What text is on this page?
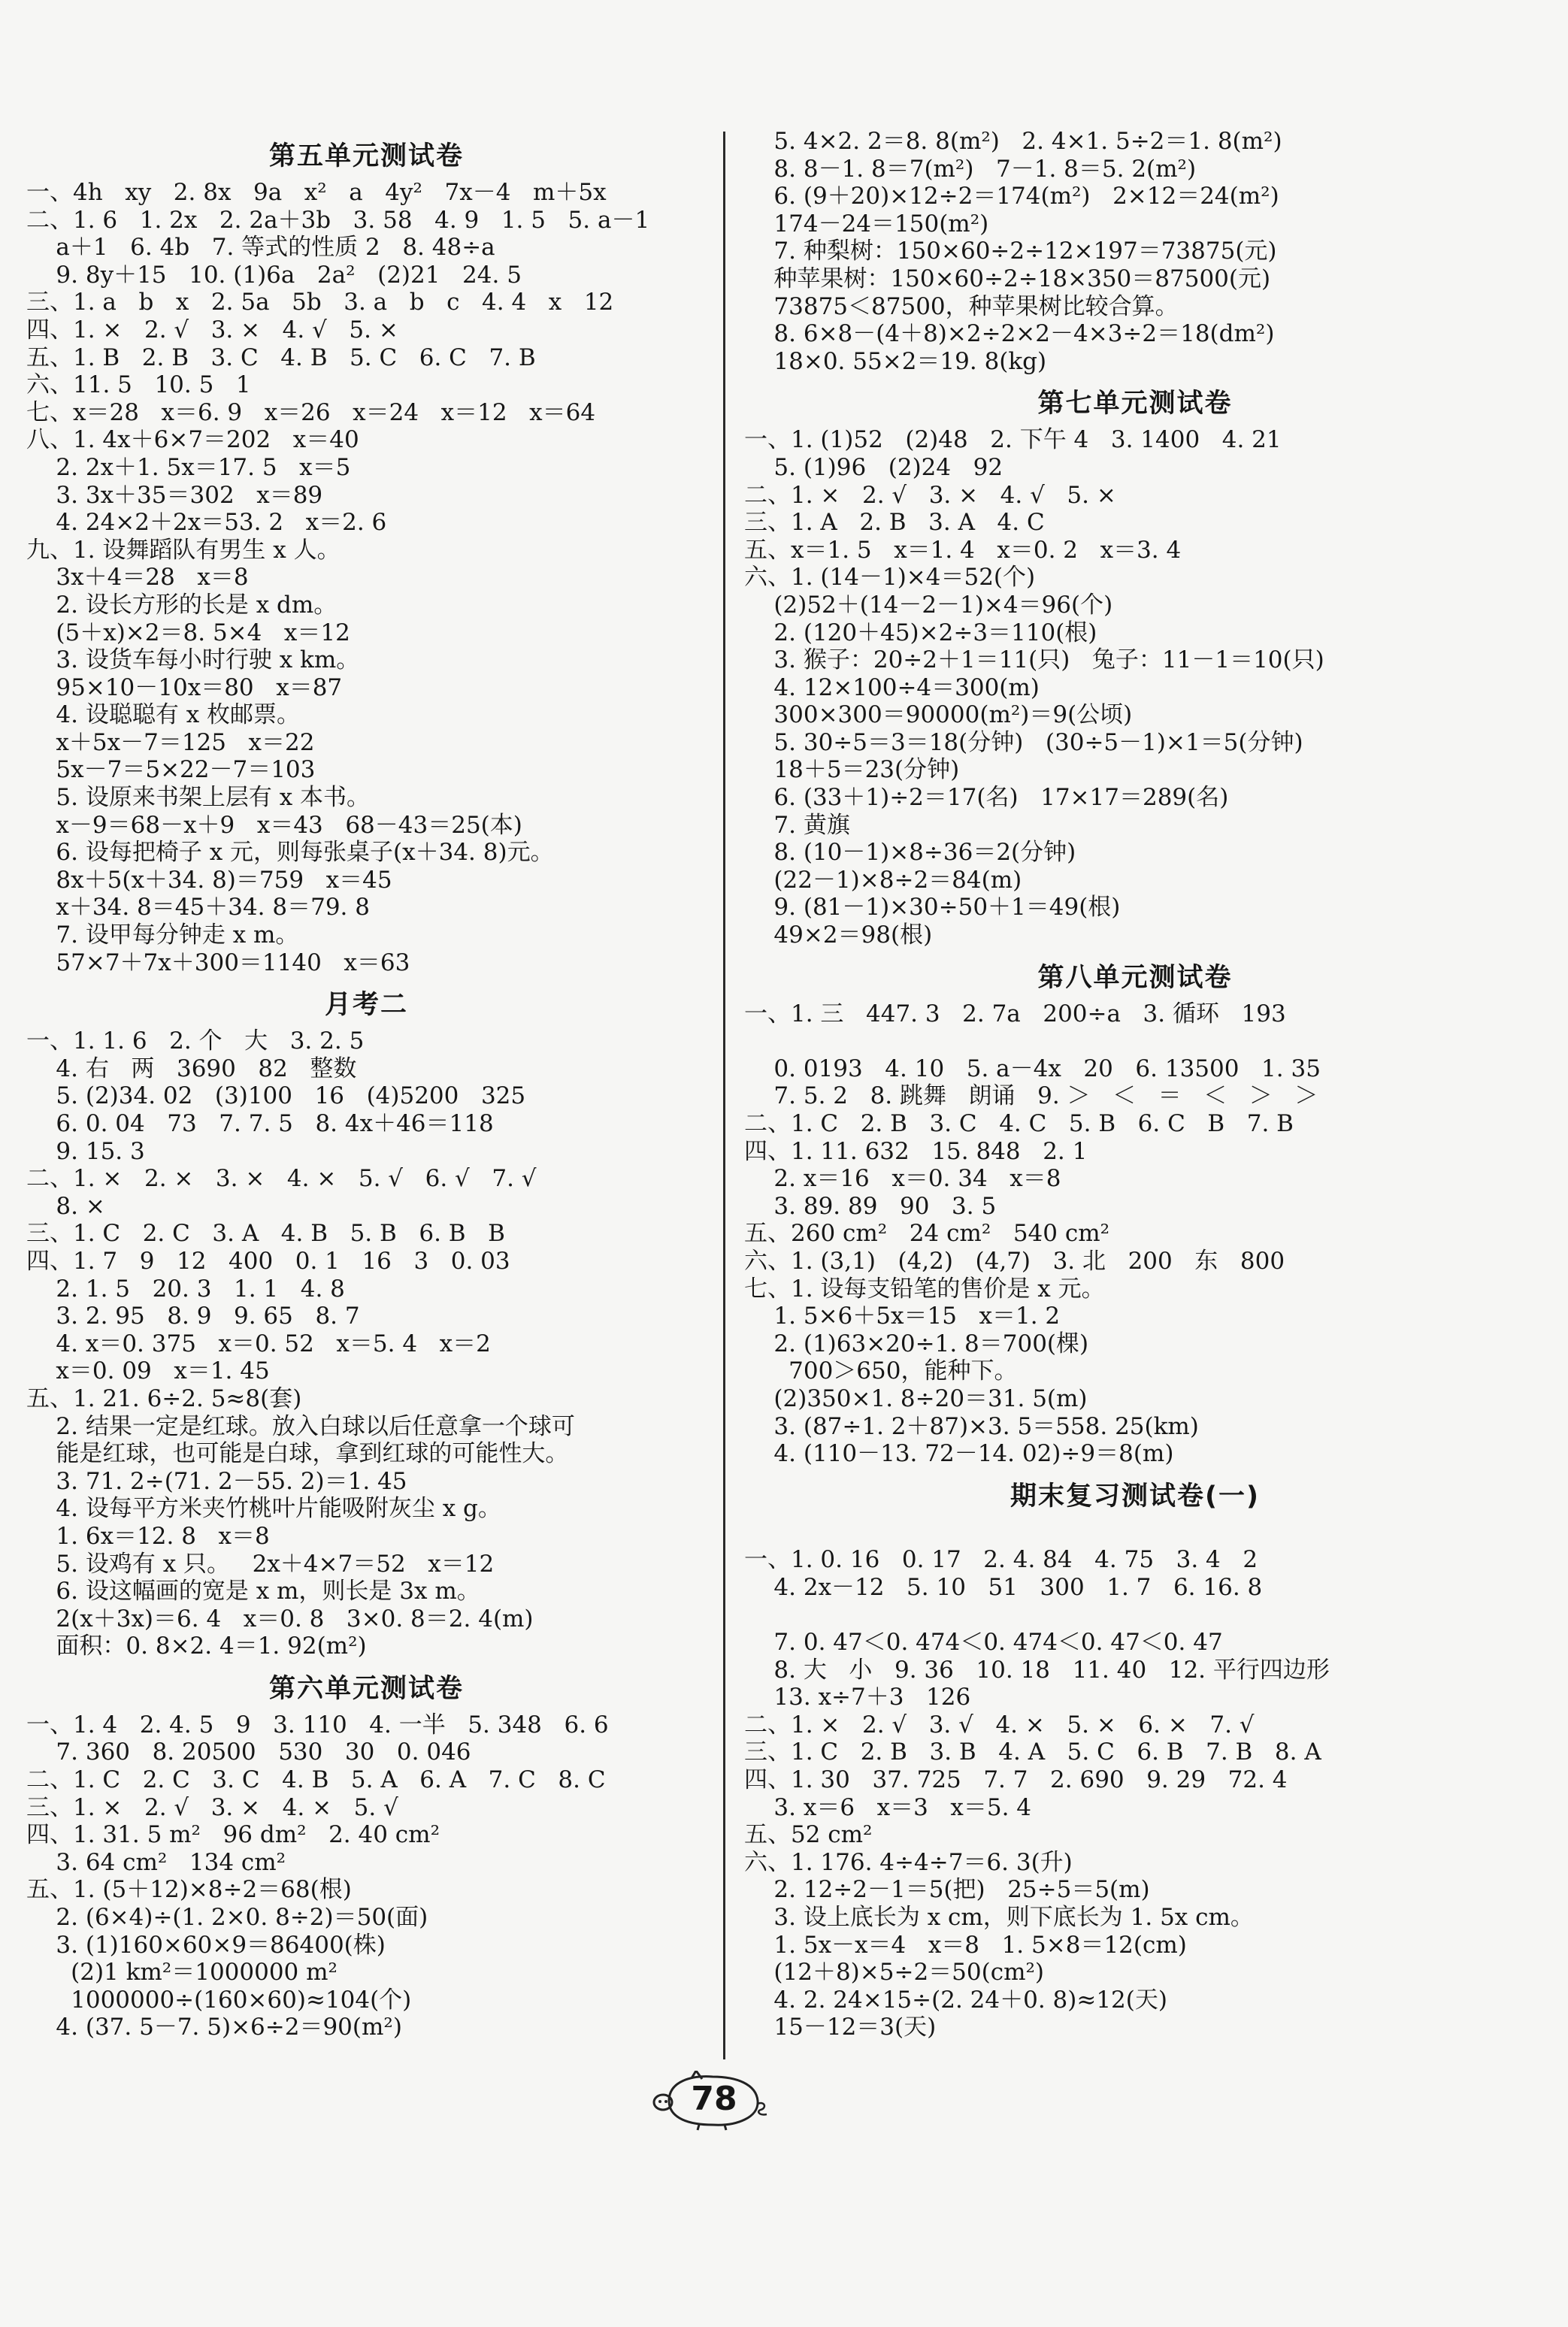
第五单元测试卷
一、4h   xy   2. 8x   9a   x²   a   4y²   7x－4   m＋5x
二、1. 6   1. 2x   2. 2a＋3b   3. 58   4. 9   1. 5   5. a－1
a＋1   6. 4b   7. 等式的性质 2   8. 48÷a
9. 8y＋15   10. (1)6a   2a²   (2)21   24. 5
三、1. a   b   x   2. 5a   5b   3. a   b   c   4. 4   x   12
四、1. ×   2. √   3. ×   4. √   5. ×
五、1. B   2. B   3. C   4. B   5. C   6. C   7. B
六、11. 5   10. 5   1
七、x＝28   x＝6. 9   x＝26   x＝24   x＝12   x＝64
八、1. 4x＋6×7＝202   x＝40
2. 2x＋1. 5x＝17. 5   x＝5
3. 3x＋35＝302   x＝89
4. 24×2＋2x＝53. 2   x＝2. 6
九、1. 设舞蹈队有男生 x 人。
3x＋4＝28   x＝8
2. 设长方形的长是 x dm。
(5＋x)×2＝8. 5×4   x＝12
3. 设货车每小时行驶 x km。
95×10－10x＝80   x＝87
4. 设聪聪有 x 枚邮票。
x＋5x－7＝125   x＝22
5x－7＝5×22－7＝103
5. 设原来书架上层有 x 本书。
x－9＝68－x＋9   x＝43   68－43＝25(本)
6. 设每把椅子 x 元，则每张桌子(x＋34. 8)元。
8x＋5(x＋34. 8)＝759   x＝45
x＋34. 8＝45＋34. 8＝79. 8
7. 设甲每分钟走 x m。
57×7＋7x＋300＝1140   x＝63
月考二
一、1. 1. 6   2. 个   大   3. 2. 5
4. 右   两   3690   82   整数
5. (2)34. 02   (3)100   16   (4)5200   325
6. 0. 04   73   7. 7. 5   8. 4x＋46＝118
9. 15. 3
二、1. ×   2. ×   3. ×   4. ×   5. √   6. √   7. √
8. ×
三、1. C   2. C   3. A   4. B   5. B   6. B   B
四、1. 7   9   12   400   0. 1   16   3   0. 03
2. 1. 5   20. 3   1. 1   4. 8
3. 2. 95   8. 9   9. 65   8. 7
4. x＝0. 375   x＝0. 52   x＝5. 4   x＝2
x＝0. 09   x＝1. 45
五、1. 21. 6÷2. 5≈8(套)
2. 结果一定是红球。放入白球以后任意拿一个球可
能是红球，也可能是白球，拿到红球的可能性大。
3. 71. 2÷(71. 2－55. 2)＝1. 45
4. 设每平方米夹竹桃叶片能吸附灰尘 x g。
1. 6x＝12. 8   x＝8
5. 设鸡有 x 只。   2x＋4×7＝52   x＝12
6. 设这幅画的宽是 x m，则长是 3x m。
2(x＋3x)＝6. 4   x＝0. 8   3×0. 8＝2. 4(m)
面积：0. 8×2. 4＝1. 92(m²)
第六单元测试卷
一、1. 4   2. 4. 5   9   3. 110   4. 一半   5. 348   6. 6
7. 360   8. 20500   530   30   0. 046
二、1. C   2. C   3. C   4. B   5. A   6. A   7. C   8. C
三、1. ×   2. √   3. ×   4. ×   5. √
四、1. 31. 5 m²   96 dm²   2. 40 cm²
3. 64 cm²   134 cm²
五、1. (5＋12)×8÷2＝68(根)
2. (6×4)÷(1. 2×0. 8÷2)＝50(面)
3. (1)160×60×9＝86400(株)
(2)1 km²＝1000000 m²
1000000÷(160×60)≈104(个)
4. (37. 5－7. 5)×6÷2＝90(m²)
5. 4×2. 2＝8. 8(m²)   2. 4×1. 5÷2＝1. 8(m²)
8. 8－1. 8＝7(m²)   7－1. 8＝5. 2(m²)
6. (9＋20)×12÷2＝174(m²)   2×12＝24(m²)
174－24＝150(m²)
7. 种梨树：150×60÷2÷12×197＝73875(元)
种苹果树：150×60÷2÷18×350＝87500(元)
73875＜87500，种苹果树比较合算。
8. 6×8－(4＋8)×2÷2×2－4×3÷2＝18(dm²)
18×0. 55×2＝19. 8(kg)
第七单元测试卷
一、1. (1)52   (2)48   2. 下午 4   3. 1400   4. 21
5. (1)96   (2)24   92
二、1. ×   2. √   3. ×   4. √   5. ×
三、1. A   2. B   3. A   4. C
五、x＝1. 5   x＝1. 4   x＝0. 2   x＝3. 4
六、1. (14－1)×4＝52(个)
(2)52＋(14－2－1)×4＝96(个)
2. (120＋45)×2÷3＝110(根)
3. 猴子：20÷2＋1＝11(只)   兔子：11－1＝10(只)
4. 12×100÷4＝300(m)
300×300＝90000(m²)＝9(公顷)
5. 30÷5＝3＝18(分钟)   (30÷5－1)×1＝5(分钟)
18＋5＝23(分钟)
6. (33＋1)÷2＝17(名)   17×17＝289(名)
7. 黄旗
8. (10－1)×8÷36＝2(分钟)
(22－1)×8÷2＝84(m)
9. (81－1)×30÷50＋1＝49(根)
49×2＝98(根)
第八单元测试卷
一、1. 三   447. 3   2. 7a   200÷a   3. 循环   193
0. 0193   4. 10   5. a－4x   20   6. 13500   1. 35
7. 5. 2   8. 跳舞   朗诵   9. ＞   ＜   ＝   ＜   ＞   ＞
二、1. C   2. B   3. C   4. C   5. B   6. C   B   7. B
四、1. 11. 632   15. 848   2. 1
2. x＝16   x＝0. 34   x＝8
3. 89. 89   90   3. 5
五、260 cm²   24 cm²   540 cm²
六、1. (3,1)   (4,2)   (4,7)   3. 北   200   东   800
七、1. 设每支铅笔的售价是 x 元。
1. 5×6＋5x＝15   x＝1. 2
2. (1)63×20÷1. 8＝700(棵)
700＞650，能种下。
(2)350×1. 8÷20＝31. 5(m)
3. (87÷1. 2＋87)×3. 5＝558. 25(km)
4. (110－13. 72－14. 02)÷9＝8(m)
期末复习测试卷(一)
一、1. 0. 16   0. 17   2. 4. 84   4. 75   3. 4   2
4. 2x－12   5. 10   51   300   1. 7   6. 16. 8
7. 0. 47＜0. 474＜0. 474＜0. 47＜0. 47
8. 大   小   9. 36   10. 18   11. 40   12. 平行四边形
13. x÷7＋3   126
二、1. ×   2. √   3. √   4. ×   5. ×   6. ×   7. √
三、1. C   2. B   3. B   4. A   5. C   6. B   7. B   8. A
四、1. 30   37. 725   7. 7   2. 690   9. 29   72. 4
3. x＝6   x＝3   x＝5. 4
五、52 cm²
六、1. 176. 4÷4÷7＝6. 3(升)
2. 12÷2－1＝5(把)   25÷5＝5(m)
3. 设上底长为 x cm，则下底长为 1. 5x cm。
1. 5x－x＝4   x＝8   1. 5×8＝12(cm)
(12＋8)×5÷2＝50(cm²)
4. 2. 24×15÷(2. 24＋0. 8)≈12(天)
15－12＝3(天)
78
